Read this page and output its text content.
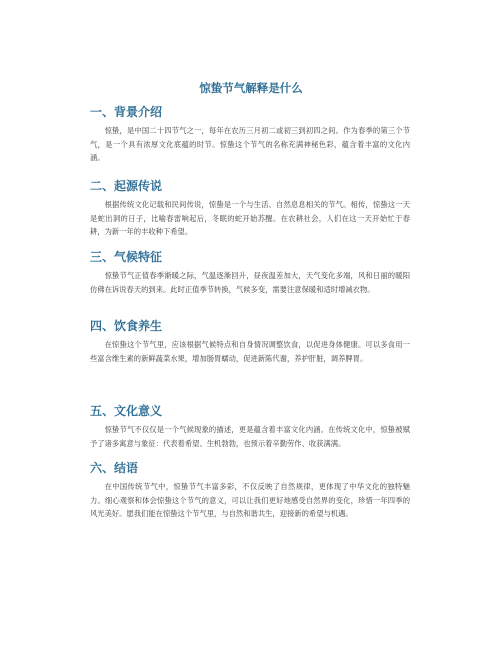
惊蛰节气解释是什么
一、背景介绍

惊蛰，是中国二十四节气之一，每年在农历三月初二或初三到初四之间。作为春季的第三个节气，是一个具有浓厚文化底蕴的时节。惊蛰这个节气的名称充满神秘色彩，蕴含着丰富的文化内涵。

二、起源传说

根据传统文化记载和民间传说，惊蛰是一个与生活、自然息息相关的节气。相传，惊蛰这一天是蛇出洞的日子，比喻春雷响起后，冬眠的蛇开始苏醒。在农耕社会，人们在这一天开始忙于春耕，为新一年的丰收种下希望。

三、气候特征

惊蛰节气正值春季渐暖之际，气温逐渐回升，昼夜温差加大，天气变化多端，风和日丽的暖阳仿佛在诉说春天的到来。此时正值季节转换，气候多变，需要注意保暖和适时增减衣物。

四、饮食养生

在惊蛰这个节气里，应该根据气候特点和自身情况调整饮食，以促进身体健康。可以多食用一些富含维生素的新鲜蔬菜水果，增加肠胃蠕动，促进新陈代谢，养护肝脏，调养脾胃。

五、文化意义

惊蛰节气不仅仅是一个气候现象的描述，更是蕴含着丰富文化内涵。在传统文化中，惊蛰被赋予了诸多寓意与象征：代表着希望、生机勃勃，也预示着辛勤劳作、收获满满。

六、结语

在中国传统节气中，惊蛰节气丰富多彩，不仅反映了自然规律，更体现了中华文化的独特魅力。细心观察和体会惊蛰这个节气的意义，可以让我们更好地感受自然界的变化，珍惜一年四季的风光美好。愿我们能在惊蛰这个节气里，与自然和谐共生，迎接新的希望与机遇。
